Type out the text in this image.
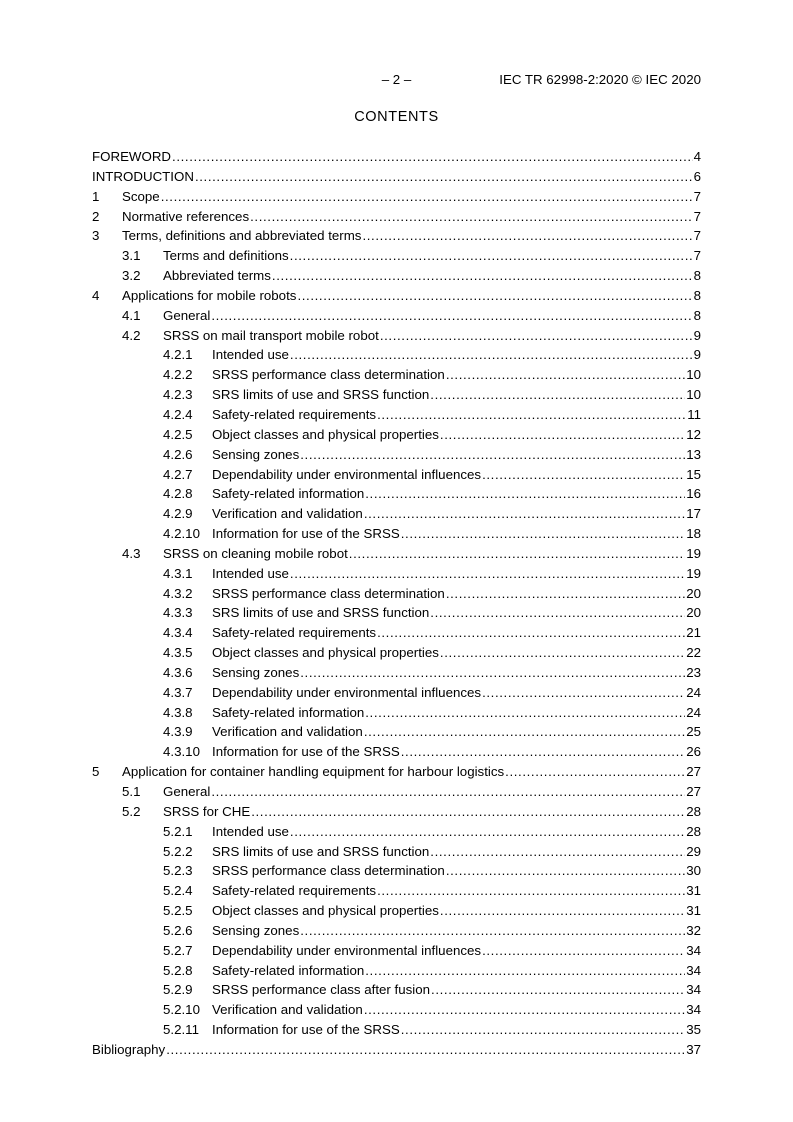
– 2 –	IEC TR 62998-2:2020 © IEC 2020
CONTENTS
FOREWORD .....	4
INTRODUCTION .....	6
1	Scope .....	7
2	Normative references .....	7
3	Terms, definitions and abbreviated terms .....	7
3.1	Terms and definitions .....	7
3.2	Abbreviated terms .....	8
4	Applications for mobile robots .....	8
4.1	General .....	8
4.2	SRSS on mail transport mobile robot .....	9
4.2.1	Intended use .....	9
4.2.2	SRSS performance class determination .....	10
4.2.3	SRS limits of use and SRSS function .....	10
4.2.4	Safety-related requirements .....	11
4.2.5	Object classes and physical properties .....	12
4.2.6	Sensing zones .....	13
4.2.7	Dependability under environmental influences .....	15
4.2.8	Safety-related information .....	16
4.2.9	Verification and validation .....	17
4.2.10 Information for use of the SRSS .....	18
4.3	SRSS on cleaning mobile robot .....	19
4.3.1	Intended use .....	19
4.3.2	SRSS performance class determination .....	20
4.3.3	SRS limits of use and SRSS function .....	20
4.3.4	Safety-related requirements .....	21
4.3.5	Object classes and physical properties .....	22
4.3.6	Sensing zones .....	23
4.3.7	Dependability under environmental influences .....	24
4.3.8	Safety-related information .....	24
4.3.9	Verification and validation .....	25
4.3.10 Information for use of the SRSS .....	26
5	Application for container handling equipment for harbour logistics .....	27
5.1	General .....	27
5.2	SRSS for CHE .....	28
5.2.1	Intended use .....	28
5.2.2	SRS limits of use and SRSS function .....	29
5.2.3	SRSS performance class determination .....	30
5.2.4	Safety-related requirements .....	31
5.2.5	Object classes and physical properties .....	31
5.2.6	Sensing zones .....	32
5.2.7	Dependability under environmental influences .....	34
5.2.8	Safety-related information .....	34
5.2.9	SRSS performance class after fusion .....	34
5.2.10 Verification and validation .....	34
5.2.11 Information for use of the SRSS .....	35
Bibliography .....	37
